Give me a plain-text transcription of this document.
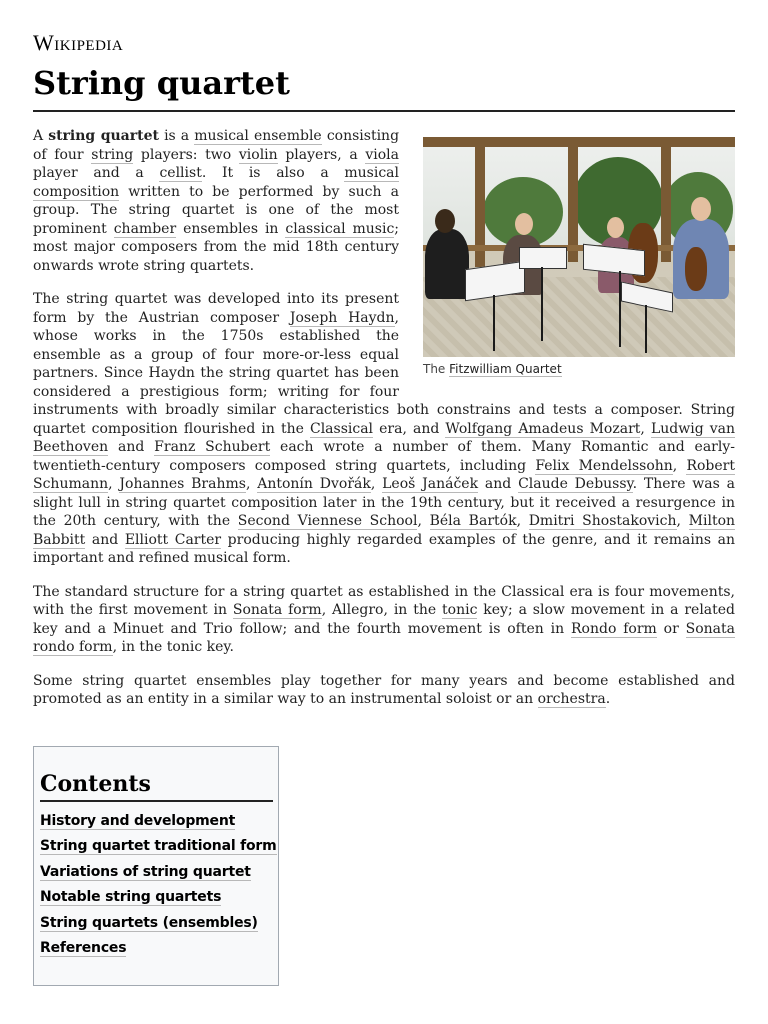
Wikipedia
String quartet
The Fitzwilliam Quartet

A string quartet is a musical ensemble consisting of four string players: two violin players, a viola player and a cellist. It is also a musical composition written to be performed by such a group. The string quartet is one of the most prominent chamber ensembles in classical music; most major composers from the mid 18th century onwards wrote string quartets.

The string quartet was developed into its present form by the Austrian composer Joseph Haydn, whose works in the 1750s established the ensemble as a group of four more-or-less equal partners. Since Haydn the string quartet has been considered a prestigious form; writing for four instruments with broadly similar characteristics both constrains and tests a composer. String quartet composition flourished in the Classical era, and Wolfgang Amadeus Mozart, Ludwig van Beethoven and Franz Schubert each wrote a number of them. Many Romantic and early-twentieth-century composers composed string quartets, including Felix Mendelssohn, Robert Schumann, Johannes Brahms, Antonín Dvořák, Leoš Janáček and Claude Debussy. There was a slight lull in string quartet composition later in the 19th century, but it received a resurgence in the 20th century, with the Second Viennese School, Béla Bartók, Dmitri Shostakovich, Milton Babbitt and Elliott Carter producing highly regarded examples of the genre, and it remains an important and refined musical form.

The standard structure for a string quartet as established in the Classical era is four movements, with the first movement in Sonata form, Allegro, in the tonic key; a slow movement in a related key and a Minuet and Trio follow; and the fourth movement is often in Rondo form or Sonata rondo form, in the tonic key.

Some string quartet ensembles play together for many years and become established and promoted as an entity in a similar way to an instrumental soloist or an orchestra.

Contents
History and development
String quartet traditional form
Variations of string quartet
Notable string quartets
String quartets (ensembles)
References
